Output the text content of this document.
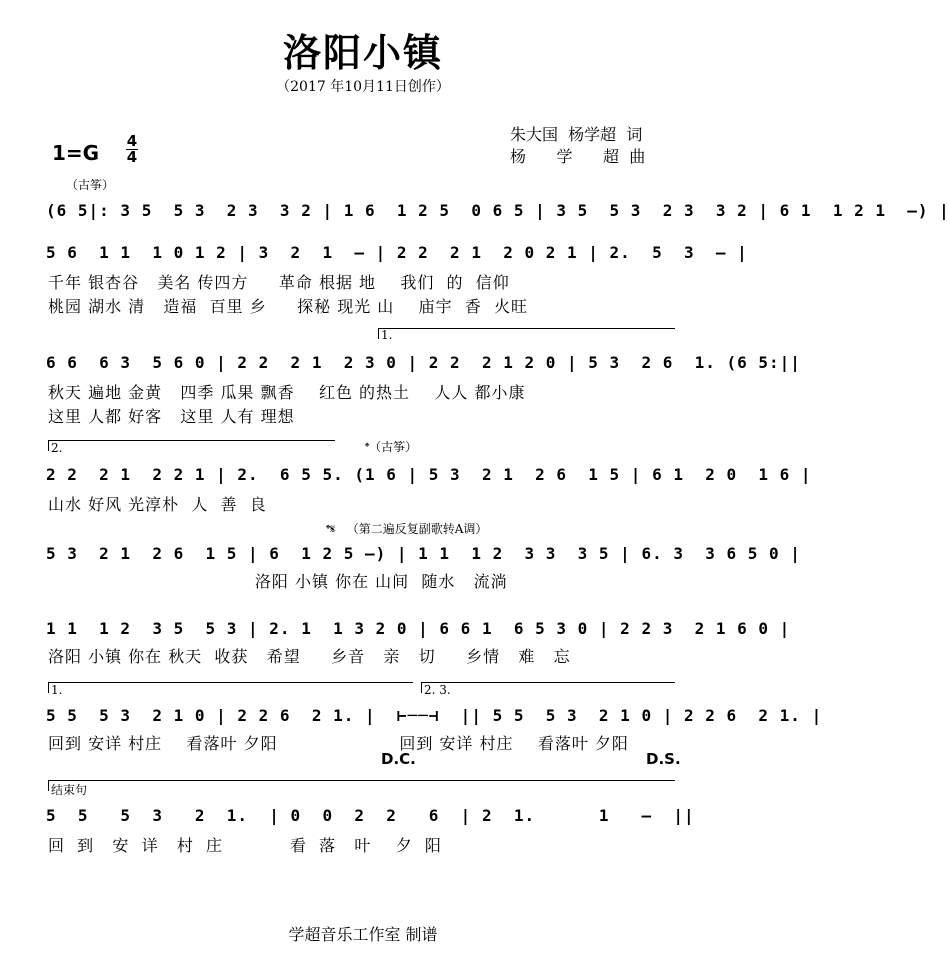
洛阳小镇
（2017 年10月11日创作）
朱大国  杨学超  词
杨      学      超  曲
1=G 4
4
（古筝）
(6 5|: 3 5  5 3  2 3  3 2 | 1 6  1 2 5  0 6 5 | 3 5  5 3  2 3  3 2 | 6 1  1 2 1  –) |
5 6  1 1  1 0 1 2 | 3  2  1  – | 2 2  2 1  2 0 2 1 | 2.  5  3  – |
千年 银杏谷   美名 传四方     革命 根据 地    我们  的  信仰
桃园 湖水 清   造福  百里 乡     探秘 现光 山    庙宇  香  火旺
1.
6 6  6 3  5 6 0 | 2 2  2 1  2 3 0 | 2 2  2 1 2 0 | 5 3  2 6  1. (6 5:||
秋天 遍地 金黄   四季 瓜果 飘香    红色 的热土    人人 都小康
这里 人都 好客   这里 人有 理想
2.	𝄌（古筝）
2 2  2 1  2 2 1 | 2.  6 5 5. (1 6 | 5 3  2 1  2 6  1 5 | 6 1  2 0  1 6 |
山水 好风 光淳朴  人  善  良
𝄌𝄋   （第二遍反复副歌转A调）
5 3  2 1  2 6  1 5 | 6  1 2 5 –) | 1 1  1 2  3 3  3 5 | 6. 3  3 6 5 0 |
洛阳 小镇 你在 山间  随水   流淌
1 1  1 2  3 5  5 3 | 2. 1  1 3 2 0 | 6 6 1  6 5 3 0 | 2 2 3  2 1 6 0 |
洛阳 小镇 你在 秋天  收获   希望     乡音   亲   切     乡情   难   忘
1.	2. 3.
5 5  5 3  2 1 0 | 2 2 6  2 1. |  ⊢──⊣  || 5 5  5 3  2 1 0 | 2 2 6  2 1. |
回到 安详 村庄    看落叶 夕阳                    回到 安详 村庄    看落叶 夕阳
D.C.	D.S.
结束句
5  5   5  3   2  1.  | 0  0  2  2   6  | 2  1.      1   –  ||
回  到   安  详   村  庄           看  落   叶    夕  阳
学超音乐工作室 制谱
